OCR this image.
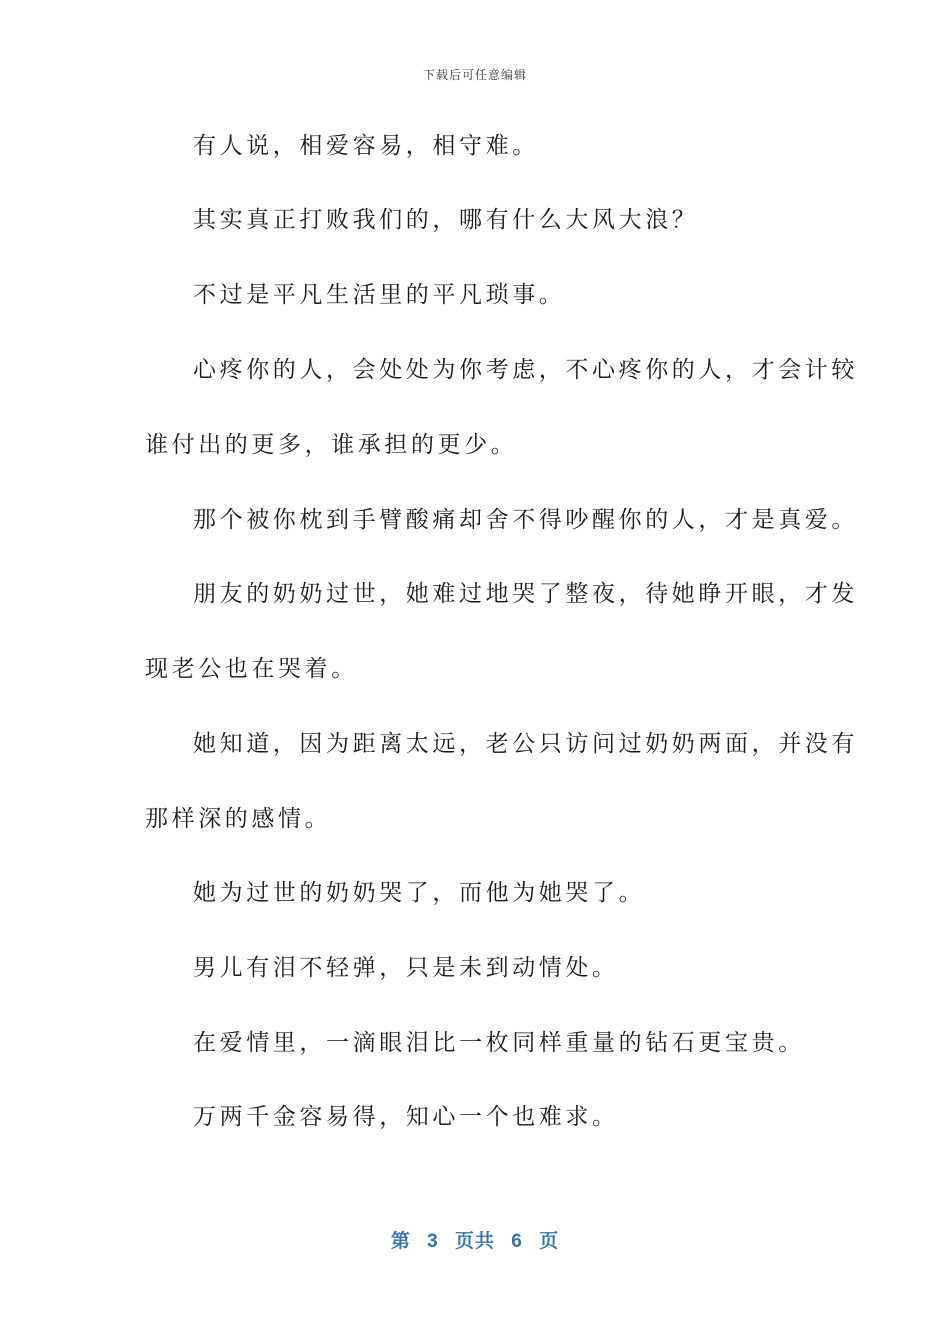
下载后可任意编辑
有人说，相爱容易，相守难。
其实真正打败我们的，哪有什么大风大浪？
不过是平凡生活里的平凡琐事。
心疼你的人，会处处为你考虑，不心疼你的人，才会计较
谁付出的更多，谁承担的更少。
那个被你枕到手臂酸痛却舍不得吵醒你的人，才是真爱。
朋友的奶奶过世，她难过地哭了整夜，待她睁开眼，才发
现老公也在哭着。
她知道，因为距离太远，老公只访问过奶奶两面，并没有
那样深的感情。
她为过世的奶奶哭了，而他为她哭了。
男儿有泪不轻弹，只是未到动情处。
在爱情里，一滴眼泪比一枚同样重量的钻石更宝贵。
万两千金容易得，知心一个也难求。
第 3 页共 6 页
